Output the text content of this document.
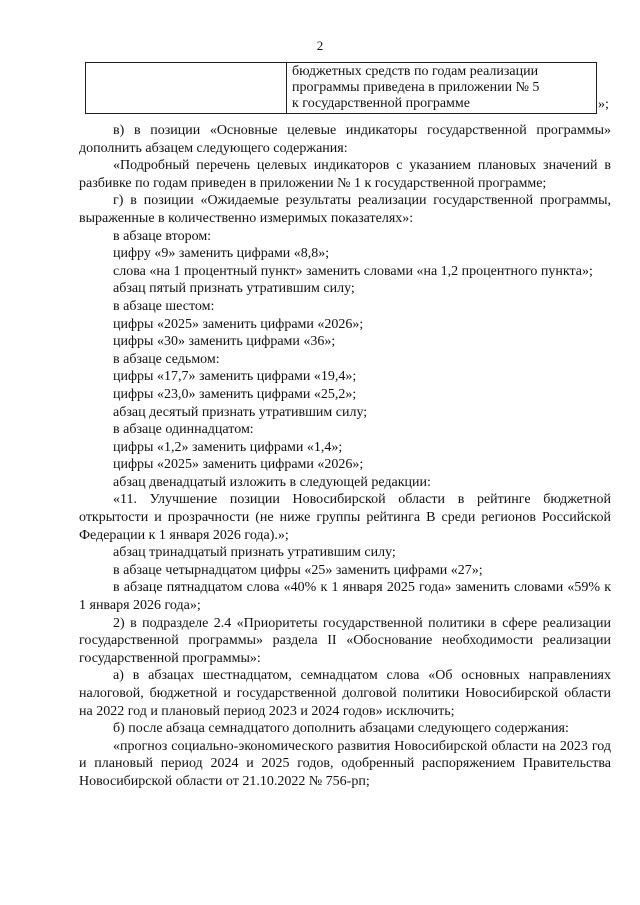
2
бюджетных средств по годам реализации
программы приведена в приложении № 5
к государственной программе	»;

в) в позиции «Основные целевые индикаторы государственной программы» дополнить абзацем следующего содержания:

«Подробный перечень целевых индикаторов с указанием плановых значений в разбивке по годам приведен в приложении № 1 к государственной программе;

г) в позиции «Ожидаемые результаты реализации государственной программы, выраженные в количественно измеримых показателях»:

в абзаце втором:

цифру «9» заменить цифрами «8,8»;

слова «на 1 процентный пункт» заменить словами «на 1,2 процентного пункта»;

абзац пятый признать утратившим силу;

в абзаце шестом:

цифры «2025» заменить цифрами «2026»;

цифры «30» заменить цифрами «36»;

в абзаце седьмом:

цифры «17,7» заменить цифрами «19,4»;

цифры «23,0» заменить цифрами «25,2»;

абзац десятый признать утратившим силу;

в абзаце одиннадцатом:

цифры «1,2» заменить цифрами «1,4»;

цифры «2025» заменить цифрами «2026»;

абзац двенадцатый изложить в следующей редакции:

«11. Улучшение позиции Новосибирской области в рейтинге бюджетной открытости и прозрачности (не ниже группы рейтинга B среди регионов Российской Федерации к 1 января 2026 года).»;

абзац тринадцатый признать утратившим силу;

в абзаце четырнадцатом цифры «25» заменить цифрами «27»;

в абзаце пятнадцатом слова «40% к 1 января 2025 года» заменить словами «59% к 1 января 2026 года»;

2) в подразделе 2.4 «Приоритеты государственной политики в сфере реализации государственной программы» раздела II «Обоснование необходимости реализации государственной программы»:

а) в абзацах шестнадцатом, семнадцатом слова «Об основных направлениях налоговой, бюджетной и государственной долговой политики Новосибирской области на 2022 год и плановый период 2023 и 2024 годов» исключить;

б) после абзаца семнадцатого дополнить абзацами следующего содержания:

«прогноз социально-экономического развития Новосибирской области на 2023 год и плановый период 2024 и 2025 годов, одобренный распоряжением Правительства Новосибирской области от 21.10.2022 № 756-рп;
